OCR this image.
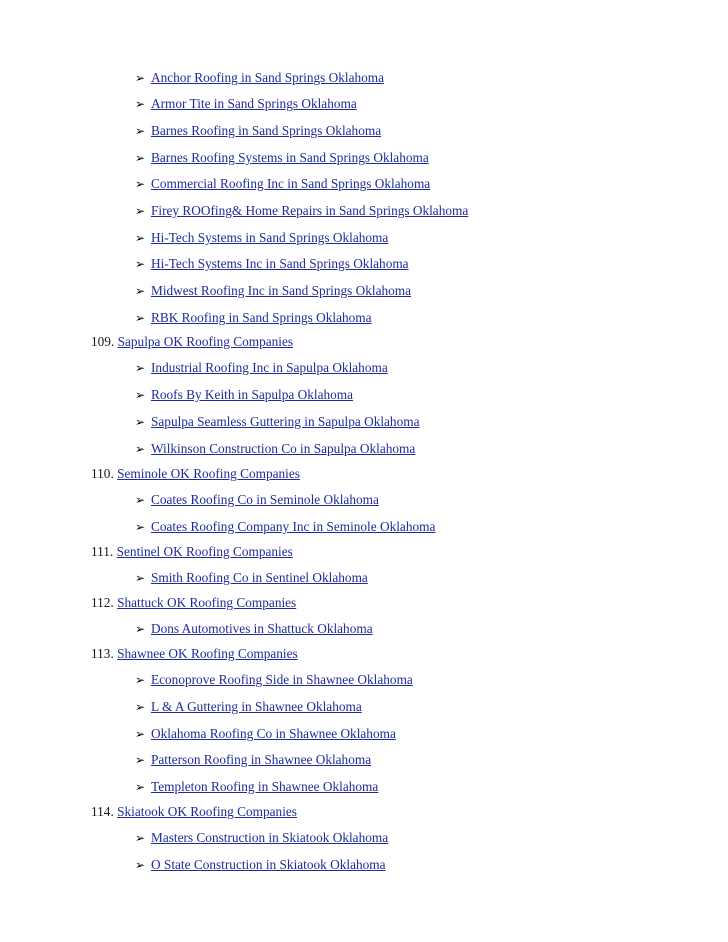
➢ Anchor Roofing in Sand Springs Oklahoma
➢ Armor Tite in Sand Springs Oklahoma
➢ Barnes Roofing in Sand Springs Oklahoma
➢ Barnes Roofing Systems in Sand Springs Oklahoma
➢ Commercial Roofing Inc in Sand Springs Oklahoma
➢ Firey ROOfing& Home Repairs in Sand Springs Oklahoma
➢ Hi-Tech Systems in Sand Springs Oklahoma
➢ Hi-Tech Systems Inc in Sand Springs Oklahoma
➢ Midwest Roofing Inc in Sand Springs Oklahoma
➢ RBK Roofing in Sand Springs Oklahoma
109. Sapulpa OK Roofing Companies
➢ Industrial Roofing Inc in Sapulpa Oklahoma
➢ Roofs By Keith in Sapulpa Oklahoma
➢ Sapulpa Seamless Guttering in Sapulpa Oklahoma
➢ Wilkinson Construction Co in Sapulpa Oklahoma
110. Seminole OK Roofing Companies
➢ Coates Roofing Co in Seminole Oklahoma
➢ Coates Roofing Company Inc in Seminole Oklahoma
111. Sentinel OK Roofing Companies
➢ Smith Roofing Co in Sentinel Oklahoma
112. Shattuck OK Roofing Companies
➢ Dons Automotives in Shattuck Oklahoma
113. Shawnee OK Roofing Companies
➢ Econoprove Roofing Side in Shawnee Oklahoma
➢ L & A Guttering in Shawnee Oklahoma
➢ Oklahoma Roofing Co in Shawnee Oklahoma
➢ Patterson Roofing in Shawnee Oklahoma
➢ Templeton Roofing in Shawnee Oklahoma
114. Skiatook OK Roofing Companies
➢ Masters Construction in Skiatook Oklahoma
➢ O State Construction in Skiatook Oklahoma
